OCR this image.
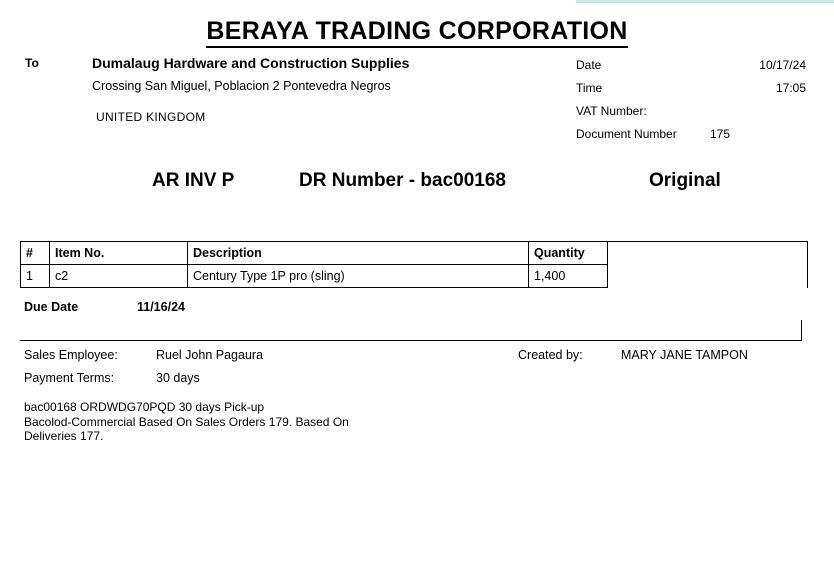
BERAYA TRADING CORPORATION
To	Dumalaug Hardware and Construction Supplies
Crossing San Miguel, Poblacion 2 Pontevedra Negros
UNITED KINGDOM
Date	10/17/24
Time	17:05
VAT Number:
Document Number	175
AR INV P	DR Number - bac00168	Original
#	Item No.	Description	Quantity	
1	c2	Century Type 1P pro (sling)	1,400	
Due Date	11/16/24
Sales Employee:	Ruel John Pagaura
Payment Terms:	30 days
Created by:	MARY JANE TAMPON
bac00168 ORDWDG70PQD 30 days Pick-up
Bacolod-Commercial Based On Sales Orders 179. Based On
Deliveries 177.
